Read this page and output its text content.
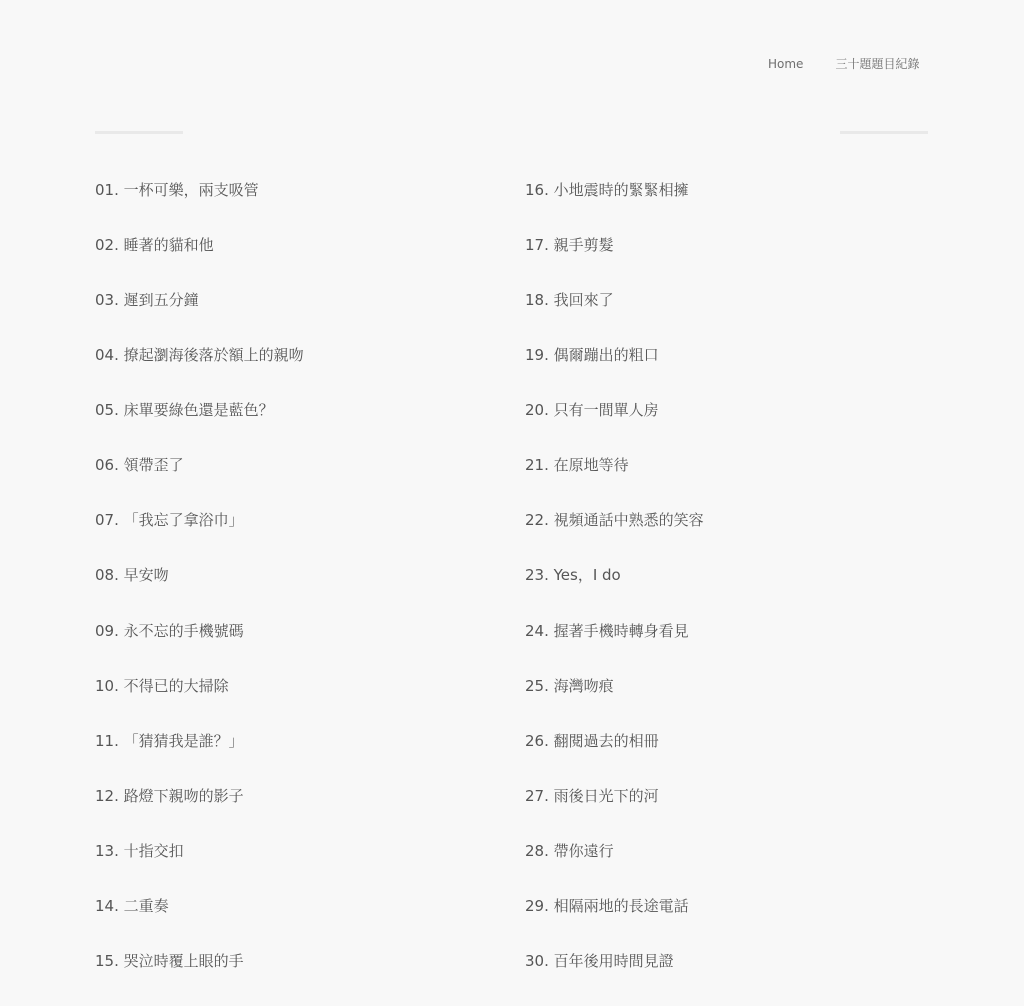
Home	三十題題目紀錄
01. 一杯可樂，兩支吸管
02. 睡著的貓和他
03. 遲到五分鐘
04. 撩起瀏海後落於額上的親吻
05. 床單要綠色還是藍色？
06. 領帶歪了
07. 「我忘了拿浴巾」
08. 早安吻
09. 永不忘的手機號碼
10. 不得已的大掃除
11. 「猜猜我是誰？」
12. 路燈下親吻的影子
13. 十指交扣
14. 二重奏
15. 哭泣時覆上眼的手
16. 小地震時的緊緊相擁
17. 親手剪髮
18. 我回來了
19. 偶爾蹦出的粗口
20. 只有一間單人房
21. 在原地等待
22. 視頻通話中熟悉的笑容
23. Yes，I do
24. 握著手機時轉身看見
25. 海灣吻痕
26. 翻閱過去的相冊
27. 雨後日光下的河
28. 帶你遠行
29. 相隔兩地的長途電話
30. 百年後用時間見證
